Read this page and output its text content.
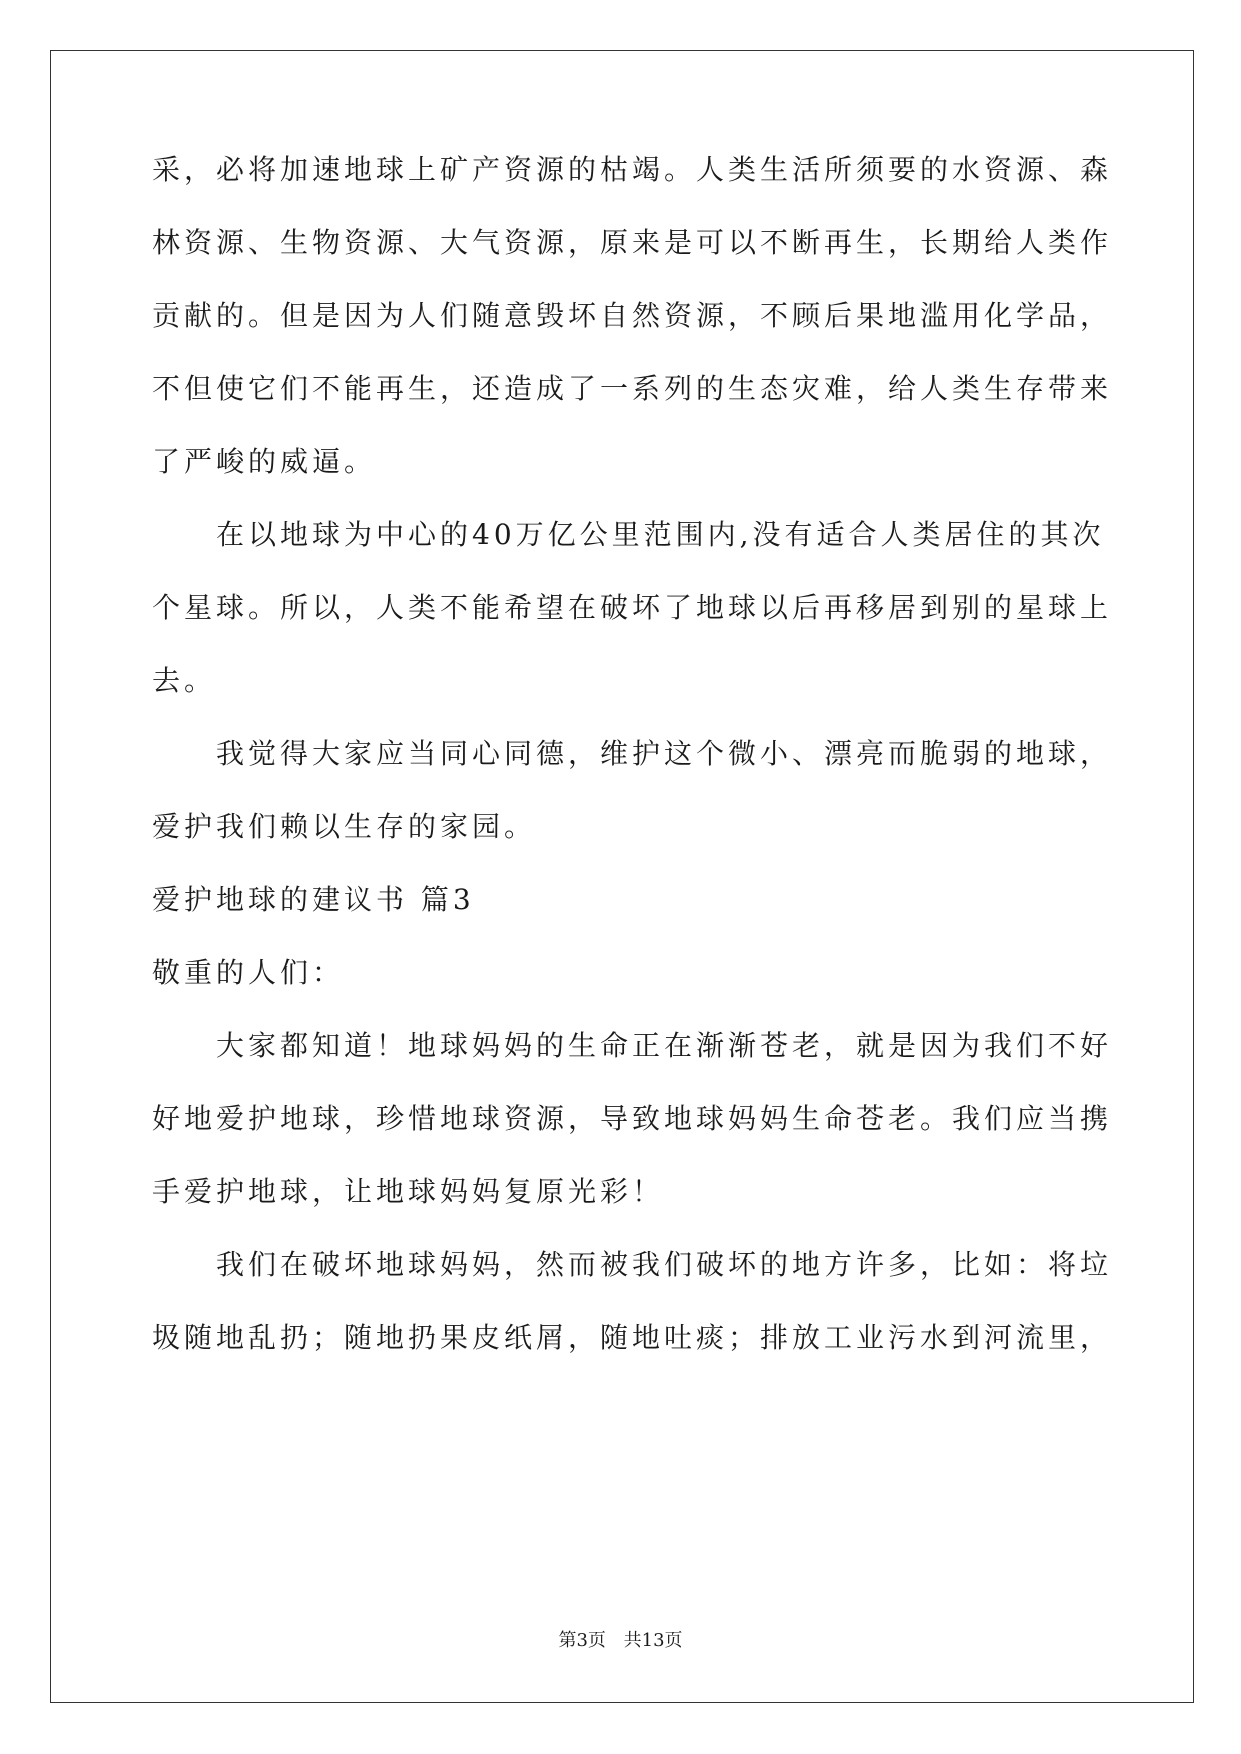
采，必将加速地球上矿产资源的枯竭。人类生活所须要的水资源、森
林资源、生物资源、大气资源，原来是可以不断再生，长期给人类作
贡献的。但是因为人们随意毁坏自然资源，不顾后果地滥用化学品，
不但使它们不能再生，还造成了一系列的生态灾难，给人类生存带来
了严峻的威逼。
在以地球为中心的40万亿公里范围内,没有适合人类居住的其次
个星球。所以，人类不能希望在破坏了地球以后再移居到别的星球上
去。
我觉得大家应当同心同德，维护这个微小、漂亮而脆弱的地球，
爱护我们赖以生存的家园。
爱护地球的建议书 篇3
敬重的人们：
大家都知道！地球妈妈的生命正在渐渐苍老，就是因为我们不好
好地爱护地球，珍惜地球资源，导致地球妈妈生命苍老。我们应当携
手爱护地球，让地球妈妈复原光彩！
我们在破坏地球妈妈，然而被我们破坏的地方许多，比如：将垃
圾随地乱扔；随地扔果皮纸屑，随地吐痰；排放工业污水到河流里，
第3页 共13页
